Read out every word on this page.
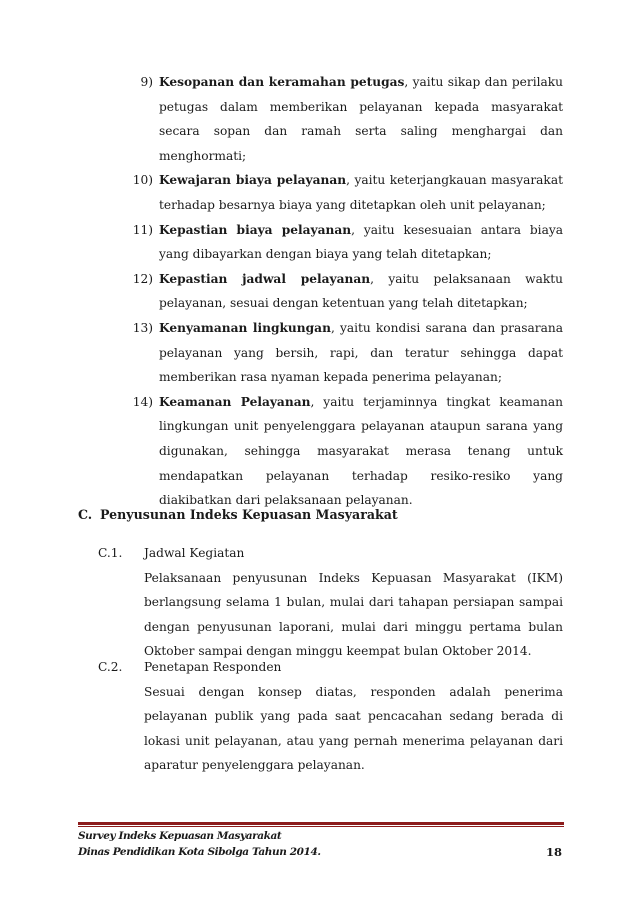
9) Kesopanan dan keramahan petugas, yaitu sikap dan perilaku petugas dalam memberikan pelayanan kepada masyarakat secara sopan dan ramah serta saling menghargai dan menghormati;
10) Kewajaran biaya pelayanan, yaitu keterjangkauan masyarakat terhadap besarnya biaya yang ditetapkan oleh unit pelayanan;
11) Kepastian biaya pelayanan, yaitu kesesuaian antara biaya yang dibayarkan dengan biaya yang telah ditetapkan;
12) Kepastian jadwal pelayanan, yaitu pelaksanaan waktu pelayanan, sesuai dengan ketentuan yang telah ditetapkan;
13) Kenyamanan lingkungan, yaitu kondisi sarana dan prasarana pelayanan yang bersih, rapi, dan teratur sehingga dapat memberikan rasa nyaman kepada penerima pelayanan;
14) Keamanan Pelayanan, yaitu terjaminnya tingkat keamanan lingkungan unit penyelenggara pelayanan ataupun sarana yang digunakan, sehingga masyarakat merasa tenang untuk mendapatkan pelayanan terhadap resiko-resiko yang diakibatkan dari pelaksanaan pelayanan.
C. Penyusunan Indeks Kepuasan Masyarakat
C.1.	Jadwal Kegiatan
Pelaksanaan penyusunan Indeks Kepuasan Masyarakat (IKM) berlangsung selama 1 bulan, mulai dari tahapan persiapan sampai dengan penyusunan laporani, mulai dari minggu pertama bulan Oktober sampai dengan minggu keempat bulan Oktober 2014.
C.2.	Penetapan Responden
Sesuai dengan konsep diatas, responden adalah penerima pelayanan publik yang pada saat pencacahan sedang berada di lokasi unit pelayanan, atau yang pernah menerima pelayanan dari aparatur penyelenggara pelayanan.
Survey Indeks Kepuasan Masyarakat
Dinas Pendidikan Kota Sibolga Tahun 2014.	18
